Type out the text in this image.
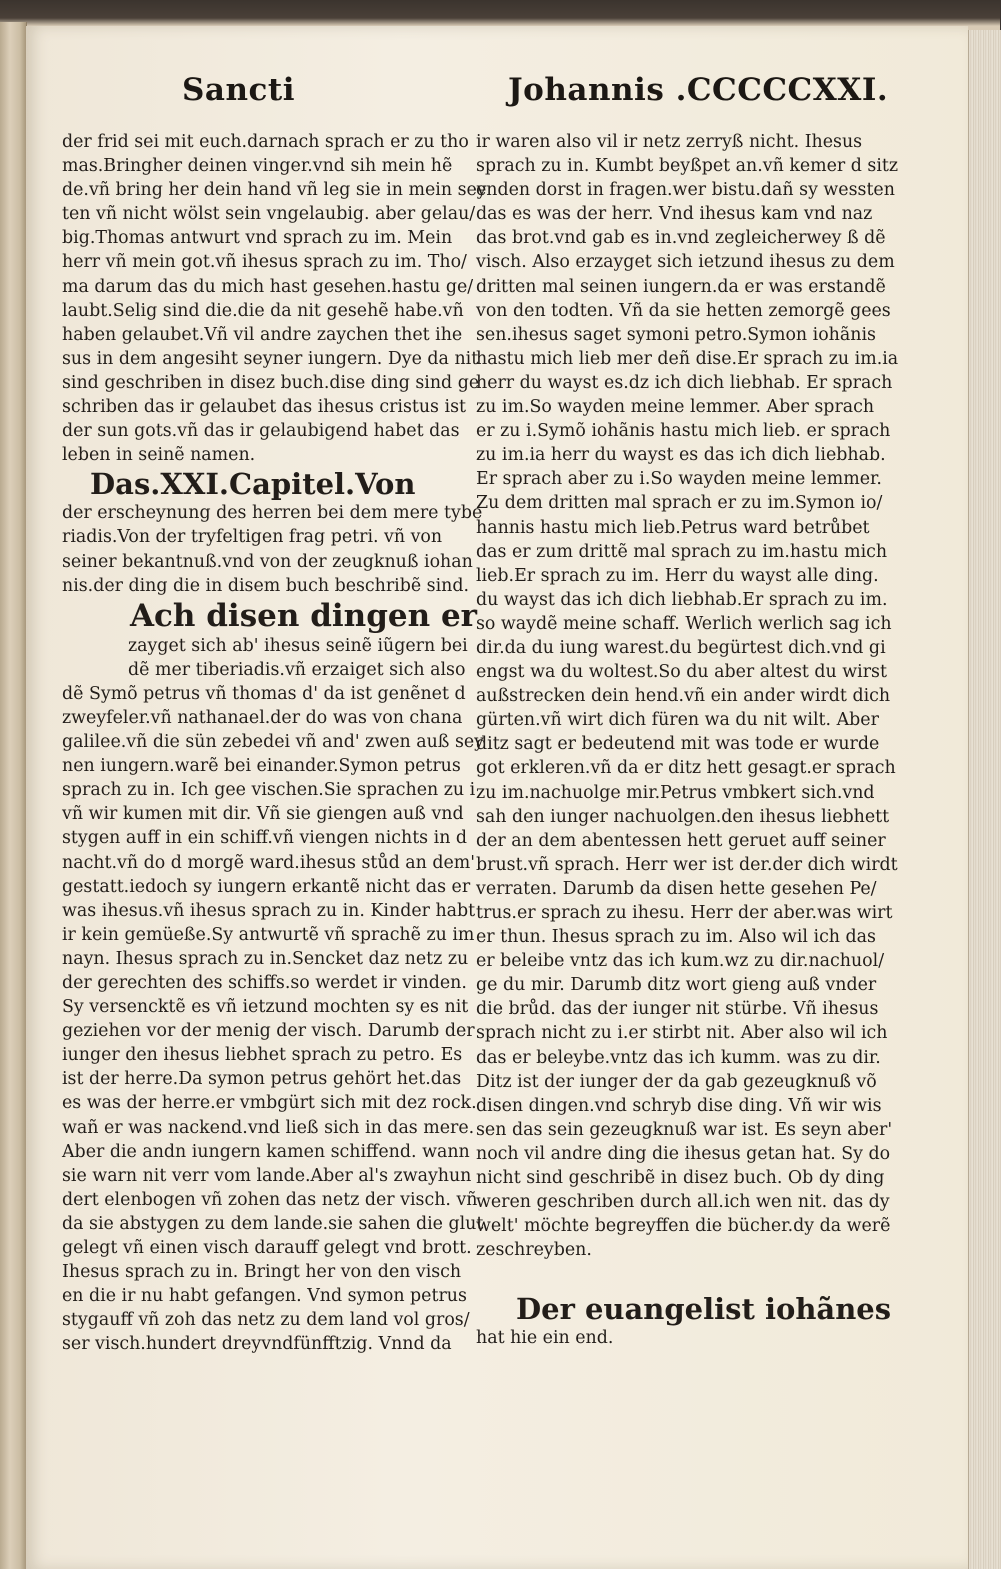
Sancti	Johannis .CCCCCXXI.
der frid sei mit euch.darnach sprach er zu tho
mas.Bringher deinen vinger.vnd sih mein hẽ
de.vñ bring her dein hand vñ leg sie in mein sey
ten vñ nicht wölst sein vngelaubig. aber gelau/
big.Thomas antwurt vnd sprach zu im. Mein
herr vñ mein got.vñ ihesus sprach zu im. Tho/
ma darum das du mich hast gesehen.hastu ge/
laubt.Selig sind die.die da nit gesehẽ habe.vñ
haben gelaubet.Vñ vil andre zaychen thet ihe
sus in dem angesiht seyner iungern. Dye da nit
sind geschriben in disez buch.dise ding sind ge
schriben das ir gelaubet das ihesus cristus ist
der sun gots.vñ das ir gelaubigend habet das
leben in seinẽ namen.
Das.XXI.Capitel.Von
der erscheynung des herren bei dem mere tybe
riadis.Von der tryfeltigen frag petri. vñ von
seiner bekantnuß.vnd von der zeugknuß iohan
nis.der ding die in disem buch beschribẽ sind.
Ach disen dingen er
zayget sich ab' ihesus seinẽ iũgern bei
dẽ mer tiberiadis.vñ erzaiget sich also
dẽ Symõ petrus vñ thomas d' da ist genẽnet d
zweyfeler.vñ nathanael.der do was von chana
galilee.vñ die sün zebedei vñ and' zwen auß sey
nen iungern.warẽ bei einander.Symon petrus
sprach zu in. Ich gee vischen.Sie sprachen zu i
vñ wir kumen mit dir. Vñ sie giengen auß vnd
stygen auff in ein schiff.vñ viengen nichts in d
nacht.vñ do d morgẽ ward.ihesus stůd an dem'
gestatt.iedoch sy iungern erkantẽ nicht das er
was ihesus.vñ ihesus sprach zu in. Kinder habt
ir kein gemüeße.Sy antwurtẽ vñ sprachẽ zu im
nayn. Ihesus sprach zu in.Sencket daz netz zu
der gerechten des schiffs.so werdet ir vinden.
Sy versencktẽ es vñ ietzund mochten sy es nit
geziehen vor der menig der visch. Darumb der
iunger den ihesus liebhet sprach zu petro. Es
ist der herre.Da symon petrus gehört het.das
es was der herre.er vmbgürt sich mit dez rock.
wañ er was nackend.vnd ließ sich in das mere.
Aber die andn iungern kamen schiffend. wann
sie warn nit verr vom lande.Aber al's zwayhun
dert elenbogen vñ zohen das netz der visch. vñ
da sie abstygen zu dem lande.sie sahen die glut
gelegt vñ einen visch darauff gelegt vnd brott.
Ihesus sprach zu in. Bringt her von den visch
en die ir nu habt gefangen. Vnd symon petrus
stygauff vñ zoh das netz zu dem land vol gros/
ser visch.hundert dreyvndfünfftzig. Vnnd da
ir waren also vil ir netz zerryß nicht. Ihesus
sprach zu in. Kumbt beyßpet an.vñ kemer d sitz
enden dorst in fragen.wer bistu.dañ sy wessten
das es was der herr. Vnd ihesus kam vnd naz
das brot.vnd gab es in.vnd zegleicherwey ß dẽ
visch. Also erzayget sich ietzund ihesus zu dem
dritten mal seinen iungern.da er was erstandẽ
von den todten. Vñ da sie hetten zemorgẽ gees
sen.ihesus saget symoni petro.Symon iohãnis
hastu mich lieb mer deñ dise.Er sprach zu im.ia
herr du wayst es.dz ich dich liebhab. Er sprach
zu im.So wayden meine lemmer. Aber sprach
er zu i.Symõ iohãnis hastu mich lieb. er sprach
zu im.ia herr du wayst es das ich dich liebhab.
Er sprach aber zu i.So wayden meine lemmer.
Zu dem dritten mal sprach er zu im.Symon io/
hannis hastu mich lieb.Petrus ward betrůbet
das er zum drittẽ mal sprach zu im.hastu mich
lieb.Er sprach zu im. Herr du wayst alle ding.
du wayst das ich dich liebhab.Er sprach zu im.
so waydẽ meine schaff. Werlich werlich sag ich
dir.da du iung warest.du begürtest dich.vnd gi
engst wa du woltest.So du aber altest du wirst
außstrecken dein hend.vñ ein ander wirdt dich
gürten.vñ wirt dich füren wa du nit wilt. Aber
ditz sagt er bedeutend mit was tode er wurde
got erkleren.vñ da er ditz hett gesagt.er sprach
zu im.nachuolge mir.Petrus vmbkert sich.vnd
sah den iunger nachuolgen.den ihesus liebhett
der an dem abentessen hett geruet auff seiner
brust.vñ sprach. Herr wer ist der.der dich wirdt
verraten. Darumb da disen hette gesehen Pe/
trus.er sprach zu ihesu. Herr der aber.was wirt
er thun. Ihesus sprach zu im. Also wil ich das
er beleibe vntz das ich kum.wz zu dir.nachuol/
ge du mir. Darumb ditz wort gieng auß vnder
die brůd. das der iunger nit stürbe. Vñ ihesus
sprach nicht zu i.er stirbt nit. Aber also wil ich
das er beleybe.vntz das ich kumm. was zu dir.
Ditz ist der iunger der da gab gezeugknuß võ
disen dingen.vnd schryb dise ding. Vñ wir wis
sen das sein gezeugknuß war ist. Es seyn aber'
noch vil andre ding die ihesus getan hat. Sy do
nicht sind geschribẽ in disez buch. Ob dy ding
weren geschriben durch all.ich wen nit. das dy
welt' möchte begreyffen die bücher.dy da werẽ
zeschreyben.
Der euangelist iohãnes
hat hie ein end.
